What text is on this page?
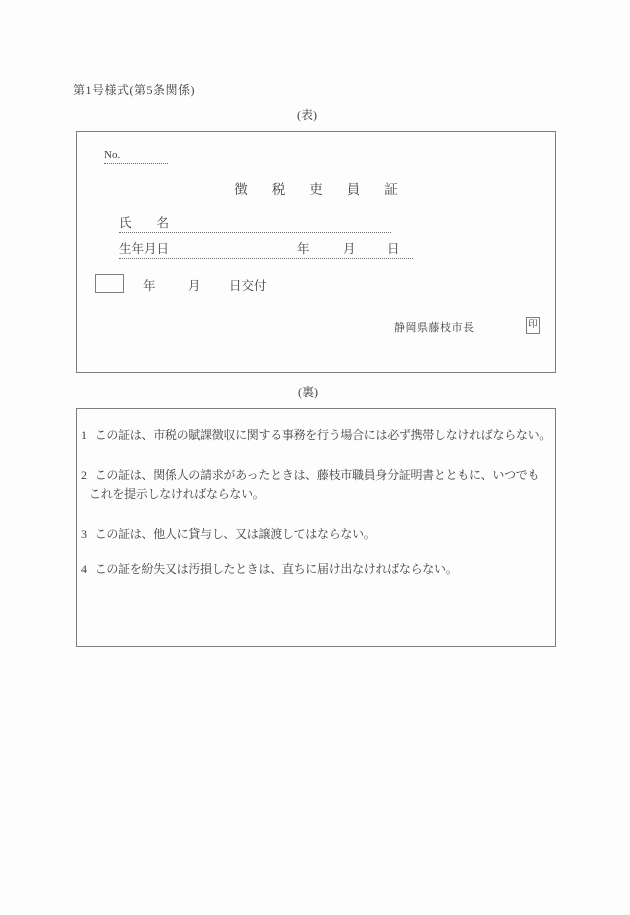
第1号様式(第5条関係)
(表)
No.
徴税吏員証
氏　　名
生年月日	年	月	日
年	月 日交付
静岡県藤枝市長	印
(裏)
1 この証は、市税の賦課徴収に関する事務を行う場合には必ず携帯しなければならない。
2 この証は、関係人の請求があったときは、藤枝市職員身分証明書とともに、いつでも
これを提示しなければならない。
3 この証は、他人に貸与し、又は譲渡してはならない。
4 この証を紛失又は汚損したときは、直ちに届け出なければならない。
